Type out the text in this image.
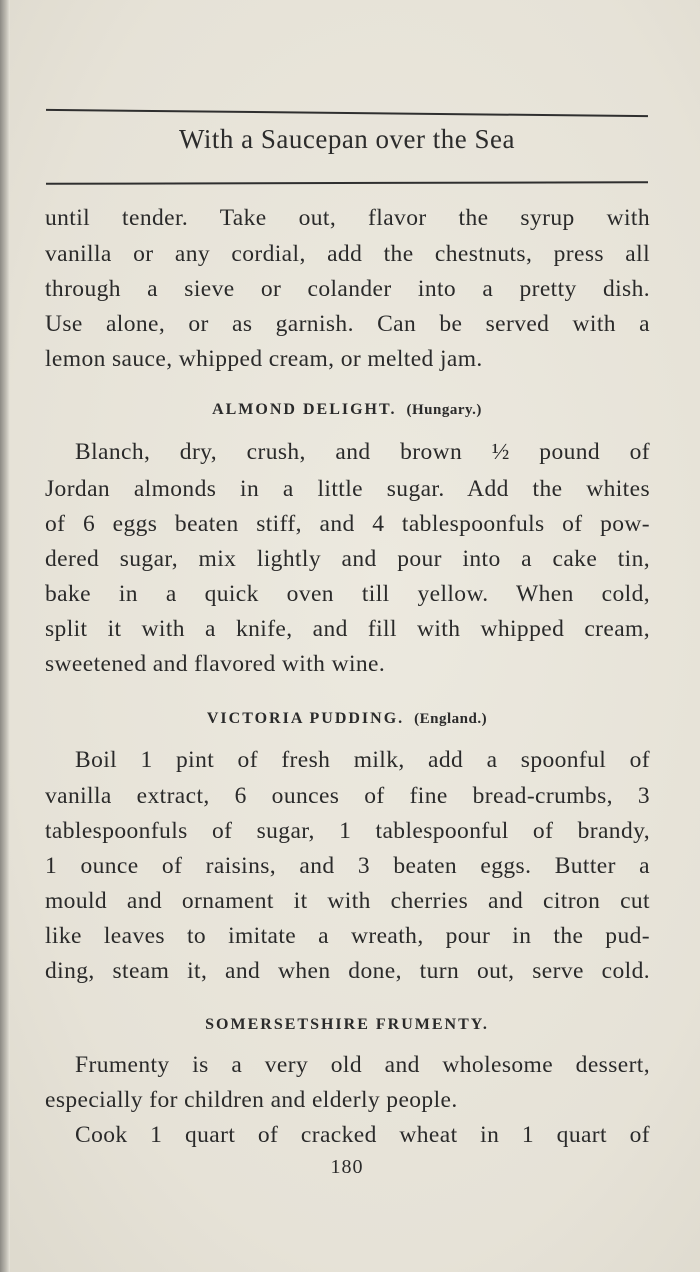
With a Saucepan over the Sea
until tender. Take out, flavor the syrup with
vanilla or any cordial, add the chestnuts, press all
through a sieve or colander into a pretty dish.
Use alone, or as garnish. Can be served with a
lemon sauce, whipped cream, or melted jam.
ALMOND DELIGHT. (Hungary.)
Blanch, dry, crush, and brown ½ pound of
Jordan almonds in a little sugar. Add the whites
of 6 eggs beaten stiff, and 4 tablespoonfuls of pow-
dered sugar, mix lightly and pour into a cake tin,
bake in a quick oven till yellow. When cold,
split it with a knife, and fill with whipped cream,
sweetened and flavored with wine.
VICTORIA PUDDING. (England.)
Boil 1 pint of fresh milk, add a spoonful of
vanilla extract, 6 ounces of fine bread-crumbs, 3
tablespoonfuls of sugar, 1 tablespoonful of brandy,
1 ounce of raisins, and 3 beaten eggs. Butter a
mould and ornament it with cherries and citron cut
like leaves to imitate a wreath, pour in the pud-
ding, steam it, and when done, turn out, serve cold.
SOMERSETSHIRE FRUMENTY.
Frumenty is a very old and wholesome dessert,
especially for children and elderly people.
Cook 1 quart of cracked wheat in 1 quart of
180
